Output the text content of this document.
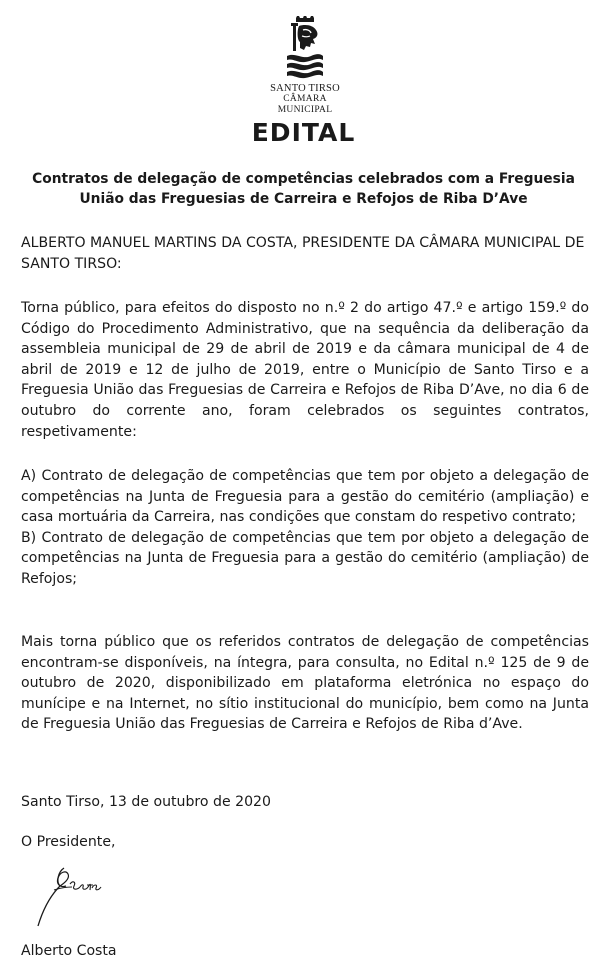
SANTO TIRSO
CÂMARA MUNICIPAL
EDITAL
Contratos de delegação de competências celebrados com a Freguesia
União das Freguesias de Carreira e Refojos de Riba D’Ave
ALBERTO MANUEL MARTINS DA COSTA, PRESIDENTE DA CÂMARA MUNICIPAL DE SANTO TIRSO:
Torna público, para efeitos do disposto no n.º 2 do artigo 47.º e artigo 159.º do Código do Procedimento Administrativo, que na sequência da deliberação da assembleia municipal de 29 de abril de 2019 e da câmara municipal de 4 de abril de 2019 e 12 de julho de 2019, entre o Município de Santo Tirso e a Freguesia União das Freguesias de Carreira e Refojos de Riba D’Ave, no dia 6 de outubro do corrente ano, foram celebrados os seguintes contratos, respetivamente:

A) Contrato de delegação de competências que tem por objeto a delegação de competências na Junta de Freguesia para a gestão do cemitério (ampliação) e casa mortuária da Carreira, nas condições que constam do respetivo contrato;

B) Contrato de delegação de competências que tem por objeto a delegação de competências na Junta de Freguesia para a gestão do cemitério (ampliação) de Refojos;

Mais torna público que os referidos contratos de delegação de competências encontram-se disponíveis, na íntegra, para consulta, no Edital n.º 125 de 9 de outubro de 2020, disponibilizado em plataforma eletrónica no espaço do munícipe e na Internet, no sítio institucional do município, bem como na Junta de Freguesia União das Freguesias de Carreira e Refojos de Riba d’Ave.
Santo Tirso, 13 de outubro de 2020
O Presidente,
Alberto Costa
